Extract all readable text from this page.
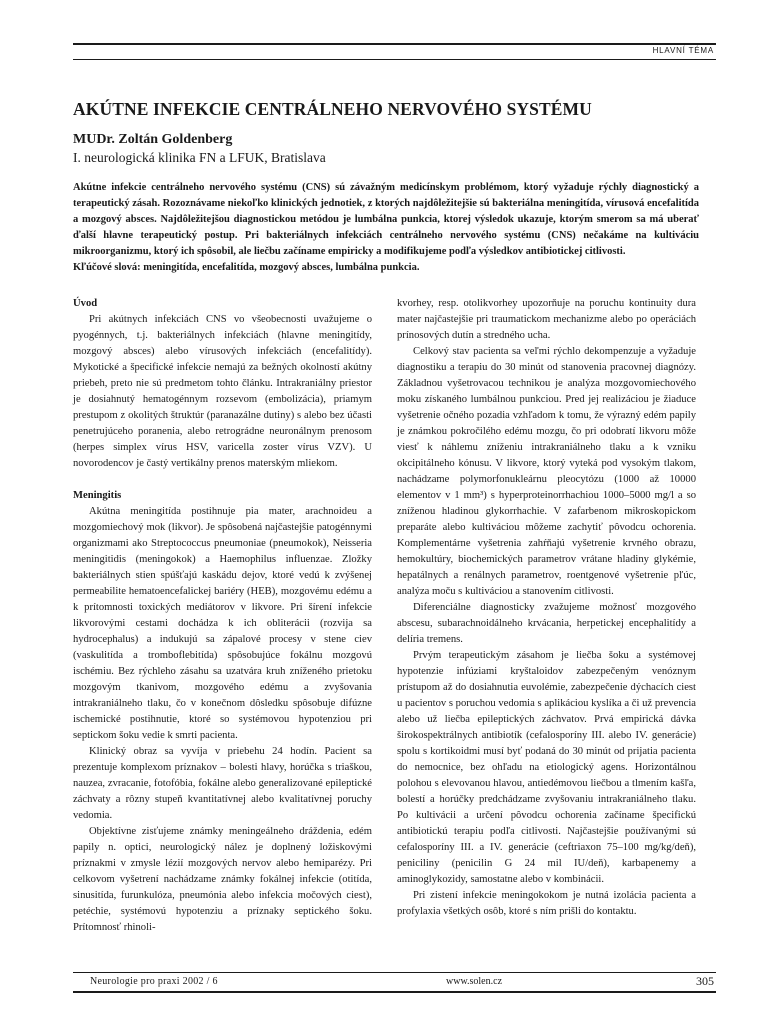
HLAVNÍ TÉMA
AKÚTNE INFEKCIE CENTRÁLNEHO NERVOVÉHO SYSTÉMU

MUDr. Zoltán Goldenberg

I. neurologická klinika FN a LFUK, Bratislava

Akútne infekcie centrálneho nervového systému (CNS) sú závažným medicínskym problémom, ktorý vyžaduje rýchly diagnostický a terapeutický zásah. Rozoznávame niekoľko klinických jednotiek, z ktorých najdôležitejšie sú bakteriálna meningitída, vírusová encefalitída a mozgový absces. Najdôležitejšou diagnostickou metódou je lumbálna punkcia, ktorej výsledok ukazuje, ktorým smerom sa má uberať ďalší hlavne terapeutický postup. Pri bakteriálnych infekciách centrálneho nervového systému (CNS) nečakáme na kultiváciu mikroorganizmu, ktorý ich spôsobil, ale liečbu začíname empiricky a modifikujeme podľa výsledkov antibiotickej citlivosti.
Kľúčové slová: meningitída, encefalitída, mozgový absces, lumbálna punkcia.
Úvod

Pri akútnych infekciách CNS vo všeobecnosti uvažujeme o pyogénnych, t.j. bakteriálnych infekciách (hlavne meningitídy, mozgový absces) alebo vírusových infekciách (encefalitídy). Mykotické a špecifické infekcie nemajú za bežných okolností akútny priebeh, preto nie sú predmetom tohto článku. Intrakraniálny priestor je dosiahnutý hematogénnym rozsevom (embolizácia), priamym prestupom z okolitých štruktúr (paranazálne dutiny) s alebo bez účasti penetrujúceho poranenia, alebo retrográdne neuronálnym prenosom (herpes simplex vírus HSV, varicella zoster vírus VZV). U novorodencov je častý vertikálny prenos materským mliekom.

Meningitis

Akútna meningitída postihnuje pia mater, arachnoideu a mozgomiechový mok (likvor). Je spôsobená najčastejšie patogénnymi organizmami ako Streptococcus pneumoniae (pneumokok), Neisseria meningitidis (meningokok) a Haemophilus influenzae. Zložky bakteriálnych stien spúšťajú kaskádu dejov, ktoré vedú k zvýšenej permeabilite hematoencefalickej bariéry (HEB), mozgovému edému a k prítomnosti toxických mediátorov v likvore. Pri šírení infekcie likvorovými cestami dochádza k ich obliterácii (rozvija sa hydrocephalus) a indukujú sa zápalové procesy v stene ciev (vaskulitída a tromboflebitída) spôsobujúce fokálnu mozgovú ischémiu. Bez rýchleho zásahu sa uzatvára kruh zníženého prietoku mozgovým tkanivom, mozgového edému a zvyšovania intrakraniálneho tlaku, čo v konečnom dôsledku spôsobuje difúzne ischemické postihnutie, ktoré so systémovou hypotenziou pri septickom šoku vedie k smrti pacienta.

Klinický obraz sa vyvíja v priebehu 24 hodín. Pacient sa prezentuje komplexom príznakov – bolesti hlavy, horúčka s triaškou, nauzea, zvracanie, fotofóbia, fokálne alebo generalizované epileptické záchvaty a rôzny stupeň kvantitatívnej alebo kvalitatívnej poruchy vedomia.

Objektívne zisťujeme známky meningeálneho dráždenia, edém papily n. optici, neurologický nález je doplnený ložiskovými príznakmi v zmysle lézií mozgových nervov alebo hemiparézy. Pri celkovom vyšetrení nachádzame známky fokálnej infekcie (otitída, sinusitída, furunkulóza, pneumónia alebo infekcia močových ciest), petéchie, systémovú hypotenziu a príznaky septického šoku. Prítomnosť rhinoli-

kvorhey, resp. otolikvorhey upozorňuje na poruchu kontinuity dura mater najčastejšie pri traumatickom mechanizme alebo po operáciách prínosových dutín a stredného ucha.

Celkový stav pacienta sa veľmi rýchlo dekompenzuje a vyžaduje diagnostiku a terapiu do 30 minút od stanovenia pracovnej diagnózy. Základnou vyšetrovacou technikou je analýza mozgovomiechového moku získaného lumbálnou punkciou. Pred jej realizáciou je žiaduce vyšetrenie očného pozadia vzhľadom k tomu, že výrazný edém papily je známkou pokročilého edému mozgu, čo pri odobratí likvoru môže viesť k náhlemu zníženiu intrakraniálneho tlaku a k vzniku okcipitálneho kónusu. V likvore, ktorý vyteká pod vysokým tlakom, nachádzame polymorfonukleárnu pleocytózu (1000 až 10000 elementov v 1 mm³) s hyperproteinorrhachiou 1000–5000 mg/l a so zníženou hladinou glykorrhachie. V zafarbenom mikroskopickom preparáte alebo kultiváciou môžeme zachytiť pôvodcu ochorenia. Komplementárne vyšetrenia zahŕňajú vyšetrenie krvného obrazu, hemokultúry, biochemických parametrov vrátane hladiny glykémie, hepatálnych a renálnych parametrov, roentgenové vyšetrenie pľúc, analýza moču s kultiváciou a stanovením citlivosti.

Diferenciálne diagnosticky zvažujeme možnosť mozgového abscesu, subarachnoidálneho krvácania, herpetickej encephalitídy a delíria tremens.

Prvým terapeutickým zásahom je liečba šoku a systémovej hypotenzie infúziami kryštaloidov zabezpečeným venóznym prístupom až do dosiahnutia euvolémie, zabezpečenie dýchacích ciest u pacientov s poruchou vedomia s aplikáciou kyslíka a či už prevencia alebo už liečba epileptických záchvatov. Prvá empirická dávka širokospektrálnych antibiotík (cefalosporíny III. alebo IV. generácie) spolu s kortikoidmi musí byť podaná do 30 minút od prijatia pacienta do nemocnice, bez ohľadu na etiologický agens. Horizontálnou polohou s elevovanou hlavou, antiedémovou liečbou a tlmením kašľa, bolestí a horúčky predchádzame zvyšovaniu intrakraniálneho tlaku. Po kultivácii a určení pôvodcu ochorenia začíname špecifickú antibiotickú terapiu podľa citlivosti. Najčastejšie používanými sú cefalosporíny III. a IV. generácie (ceftriaxon 75–100 mg/kg/deň), peniciliny (penicilin G 24 mil IU/deň), karbapenemy a aminoglykozidy, samostatne alebo v kombinácii.

Pri zistení infekcie meningokokom je nutná izolácia pacienta a profylaxia všetkých osôb, ktoré s ním prišli do kontaktu.

Neurologie pro praxi 2002 / 6	www.solen.cz	305
